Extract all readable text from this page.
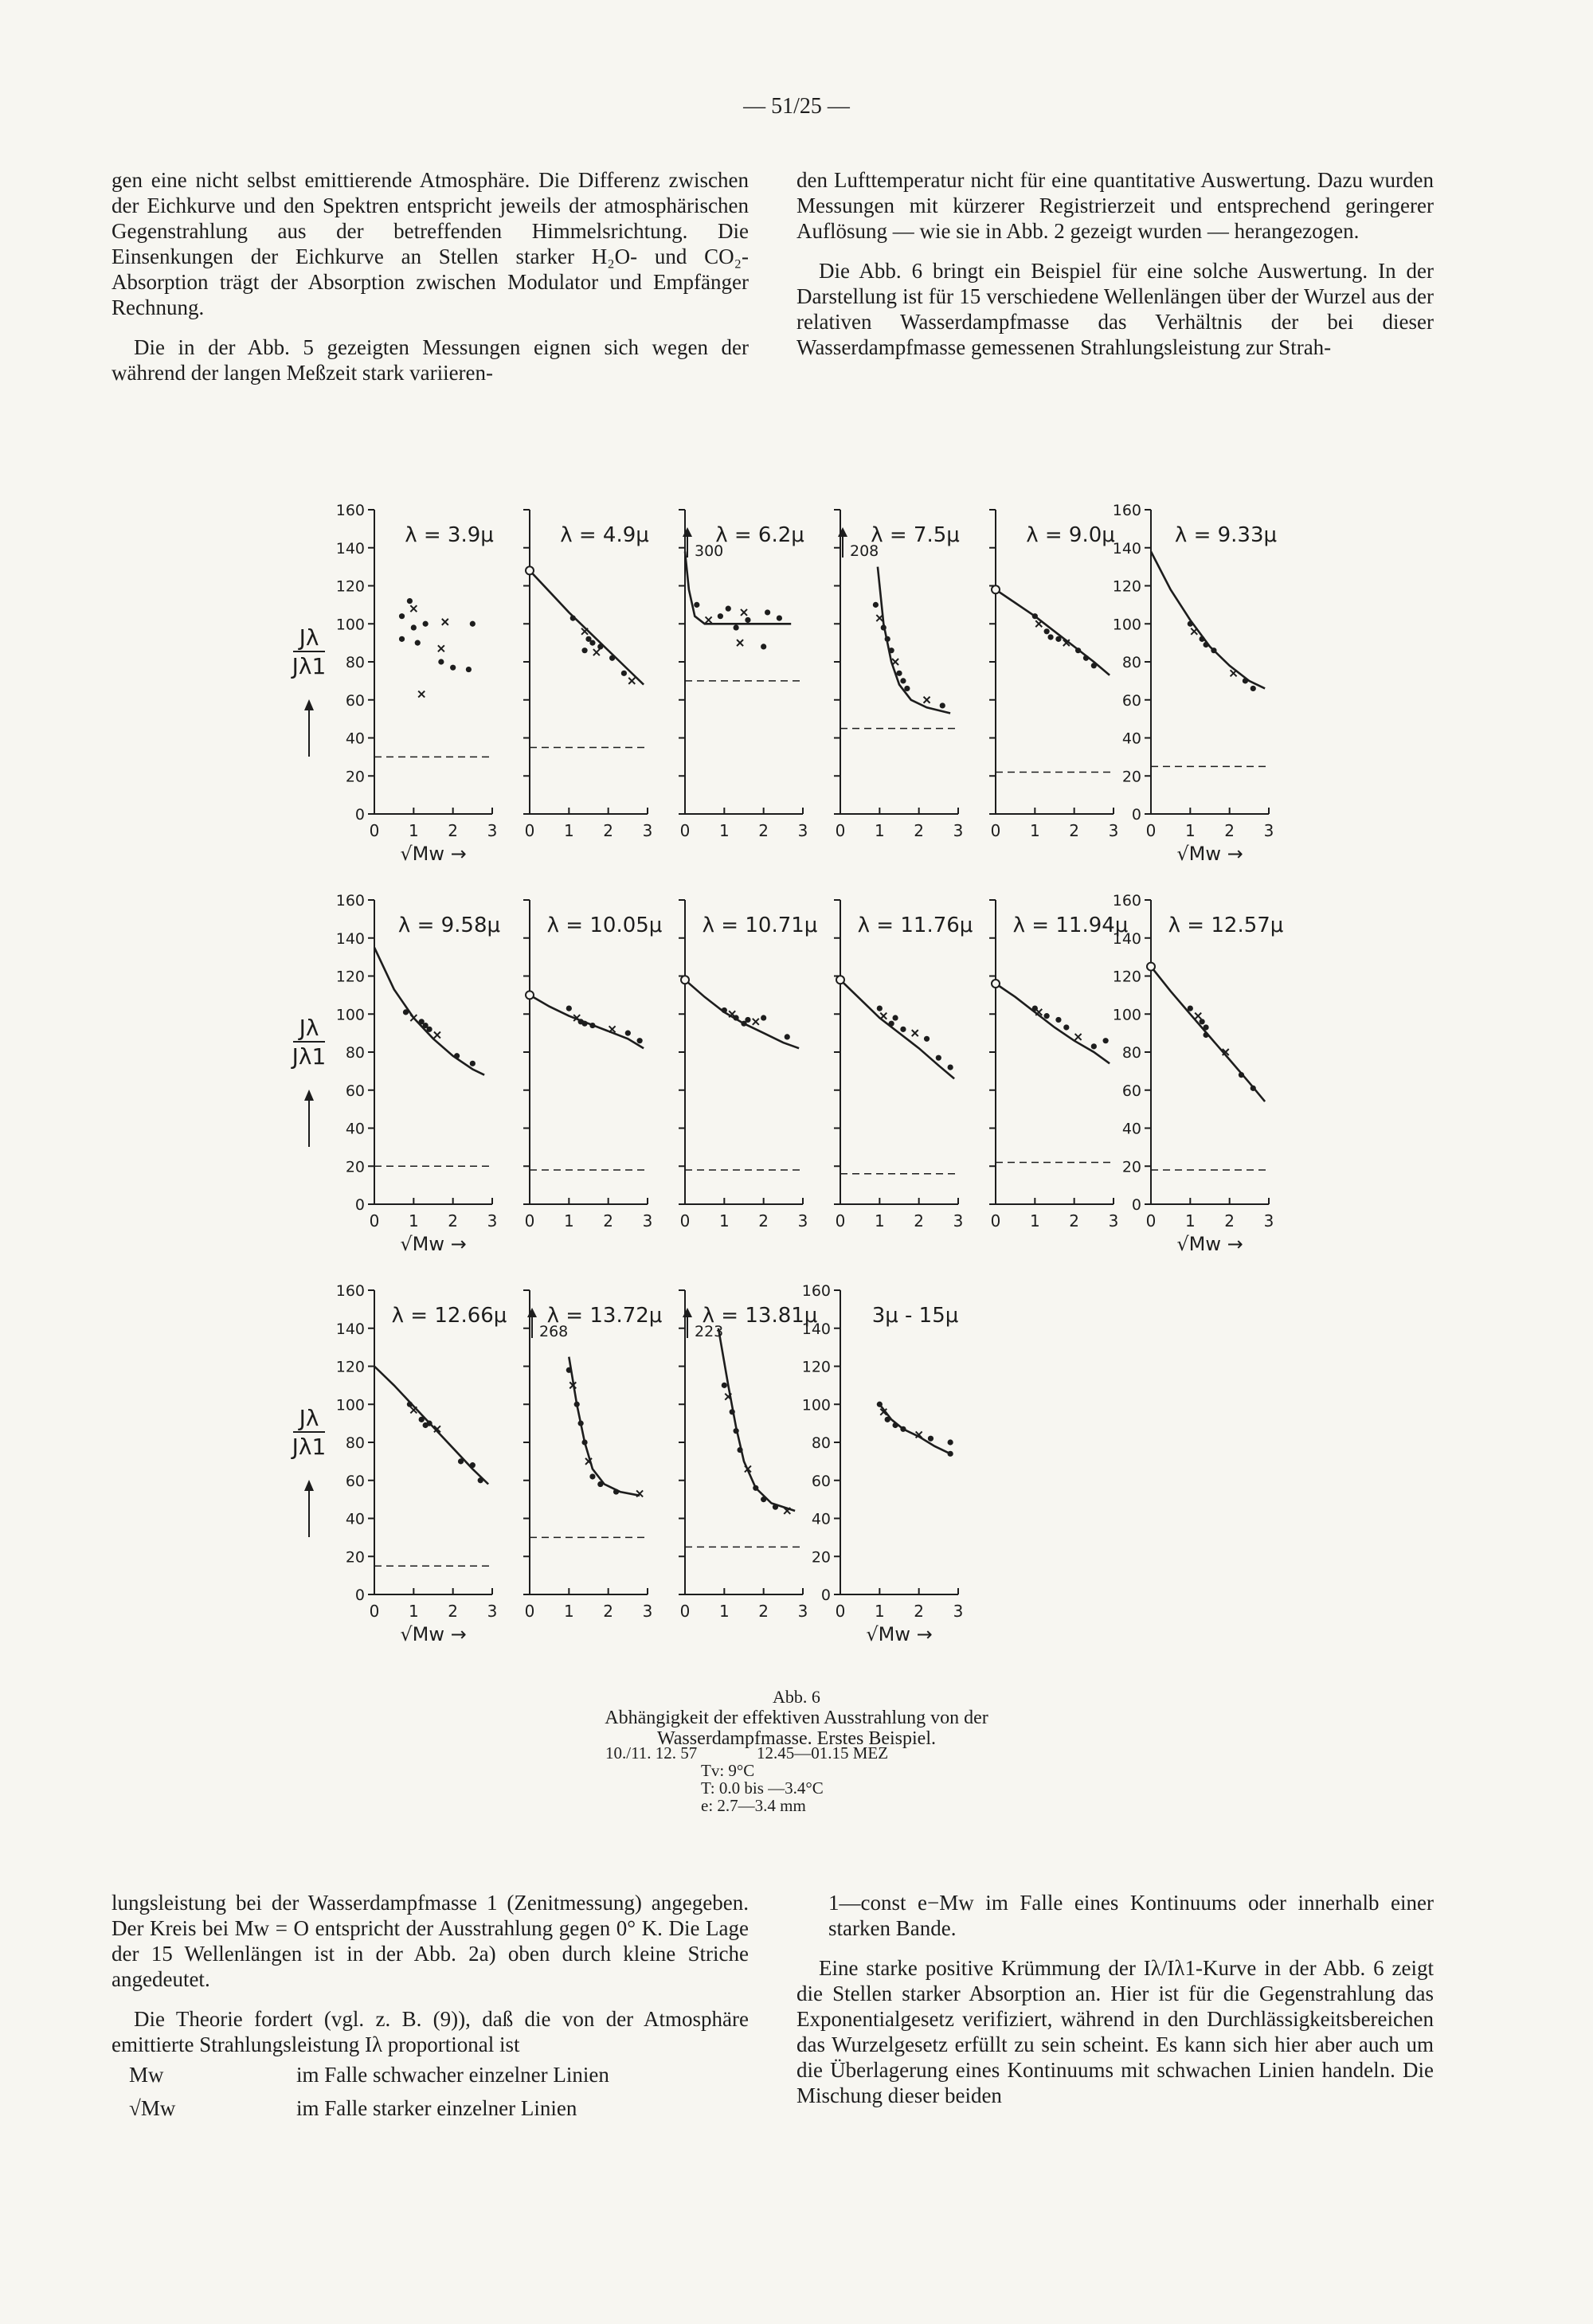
— 51/25 —

gen eine nicht selbst emittierende Atmosphäre. Die Differenz zwischen der Eichkurve und den Spektren entspricht jeweils der atmosphärischen Gegenstrahlung aus der betreffenden Himmelsrichtung. Die Einsenkungen der Eichkurve an Stellen starker H₂O- und CO₂-Absorption trägt der Absorption zwischen Modulator und Empfänger Rechnung.

Die in der Abb. 5 gezeigten Messungen eignen sich wegen der während der langen Meßzeit stark variieren-

den Lufttemperatur nicht für eine quantitative Auswertung. Dazu wurden Messungen mit kürzerer Registrierzeit und entsprechend geringerer Auflösung — wie sie in Abb. 2 gezeigt wurden — herangezogen.

Die Abb. 6 bringt ein Beispiel für eine solche Auswertung. In der Darstellung ist für 15 verschiedene Wellenlängen über der Wurzel aus der relativen Wasserdampfmasse das Verhältnis der bei dieser Wasserdampfmasse gemessenen Strahlungsleistung zur Strah-

0 1 2 3
0
20
40
60
80
100
120
140
160
λ = 3.9μ
√Mw →
0 1 2 3
λ = 4.9μ
0 1 2 3
λ = 6.2μ
300
0 1 2 3
λ = 7.5μ
208
0 1 2 3
λ = 9.0μ
0 1 2 3
0
20
40
60
80
100
120
140
160
λ = 9.33μ
√Mw →
0 1 2 3
0
20
40
60
80
100
120
140
160
λ = 9.58μ
√Mw →
0 1 2 3
λ = 10.05μ
0 1 2 3
λ = 10.71μ
0 1 2 3
λ = 11.76μ
0 1 2 3
λ = 11.94μ
0 1 2 3
0
20
40
60
80
100
120
140
160
λ = 12.57μ
√Mw →
0 1 2 3
0
20
40
60
80
100
120
140
160
λ = 12.66μ
√Mw →
0 1 2 3
λ = 13.72μ
268
0 1 2 3
λ = 13.81μ
223
0 1 2 3
0
20
40
60
80
100
120
140
160
3μ - 15μ
√Mw →
Jλ
Jλ1
Jλ
Jλ1
Jλ
Jλ1
Abb. 6
Abhängigkeit der effektiven Ausstrahlung von der
Wasserdampfmasse. Erstes Beispiel.
10./11. 12. 57	12.45—01.15 MEZ
Tv: 9°C
T: 0.0 bis —3.4°C
e: 2.7—3.4 mm

lungsleistung bei der Wasserdampfmasse 1 (Zenitmessung) angegeben. Der Kreis bei Mw = O entspricht der Ausstrahlung gegen 0° K. Die Lage der 15 Wellenlängen ist in der Abb. 2a) oben durch kleine Striche angedeutet.

Die Theorie fordert (vgl. z. B. (9)), daß die von der Atmosphäre emittierte Strahlungsleistung Iλ proportional ist

Mw	im Falle schwacher einzelner Linien
√Mw	im Falle starker einzelner Linien

1—const e−Mw im Falle eines Kontinuums oder innerhalb einer starken Bande.

Eine starke positive Krümmung der Iλ/Iλ1-Kurve in der Abb. 6 zeigt die Stellen starker Absorption an. Hier ist für die Gegenstrahlung das Exponentialgesetz verifiziert, während in den Durchlässigkeitsbereichen das Wurzelgesetz erfüllt zu sein scheint. Es kann sich hier aber auch um die Überlagerung eines Kontinuums mit schwachen Linien handeln. Die Mischung dieser beiden
